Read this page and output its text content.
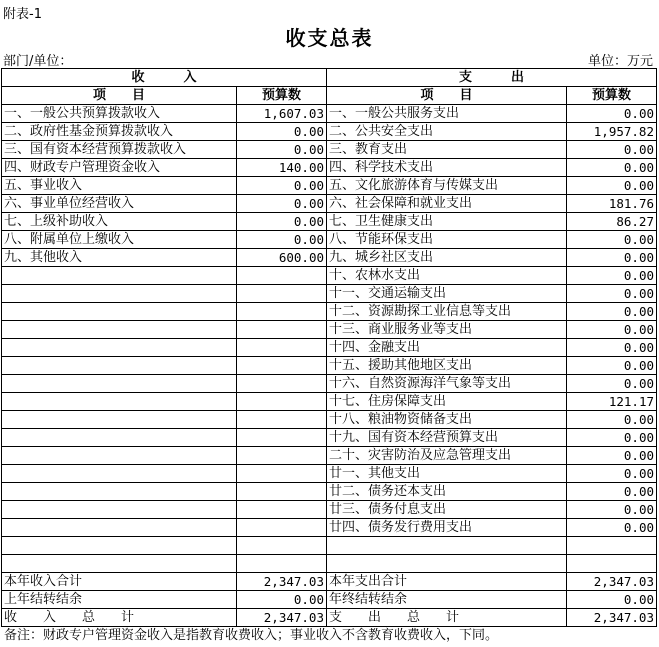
附表-1
收支总表
部门/单位：	单位：万元
收　　　入		支　　　出	
项　　目	预算数	项　　目	预算数
一、一般公共预算拨款收入	1,607.03	一、一般公共服务支出	0.00
二、政府性基金预算拨款收入	0.00	二、公共安全支出	1,957.82
三、国有资本经营预算拨款收入	0.00	三、教育支出	0.00
四、财政专户管理资金收入	140.00	四、科学技术支出	0.00
五、事业收入	0.00	五、文化旅游体育与传媒支出	0.00
六、事业单位经营收入	0.00	六、社会保障和就业支出	181.76
七、上级补助收入	0.00	七、卫生健康支出	86.27
八、附属单位上缴收入	0.00	八、节能环保支出	0.00
九、其他收入	600.00	九、城乡社区支出	0.00
		十、农林水支出	0.00
		十一、交通运输支出	0.00
		十二、资源勘探工业信息等支出	0.00
		十三、商业服务业等支出	0.00
		十四、金融支出	0.00
		十五、援助其他地区支出	0.00
		十六、自然资源海洋气象等支出	0.00
		十七、住房保障支出	121.17
		十八、粮油物资储备支出	0.00
		十九、国有资本经营预算支出	0.00
		二十、灾害防治及应急管理支出	0.00
		廿一、其他支出	0.00
		廿二、债务还本支出	0.00
		廿三、债务付息支出	0.00
		廿四、债务发行费用支出	0.00

本年收入合计	2,347.03	本年支出合计	2,347.03
上年结转结余	0.00	年终结转结余	0.00
收　　入　　总　　计	2,347.03	支　　出　　总　　计	2,347.03
备注：财政专户管理资金收入是指教育收费收入；事业收入不含教育收费收入，下同。
